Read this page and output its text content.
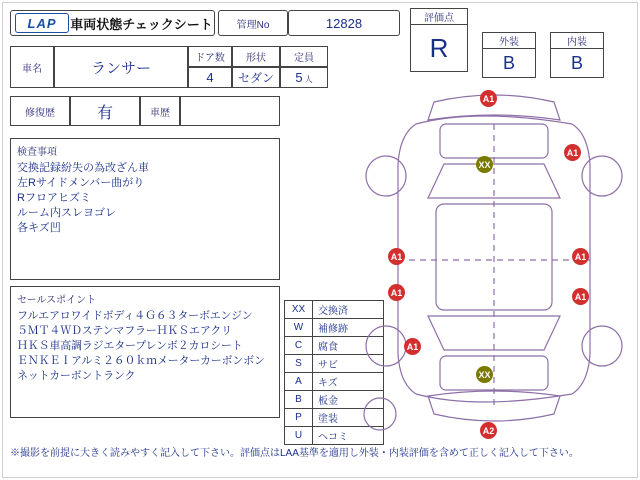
LAP	車両状態チェックシート 管理No	12828	評価点
R	外装
B
内装
B
車名	ランサー
ドア数
4
形状
セダン
定員
5 人
修復歴	有	車歴
検査事項
交換記録紛失の為改ざん車
左Rサイドメンバー曲がり
Rフロアヒズミ
ルーム内スレヨゴレ
各キズ凹
セールスポイント
フルエアロワイドボディ４Ｇ６３ターボエンジン
５ＭＴ４ＷＤステンマフラーＨＫＳエアクリ
ＨＫＳ車高調ラジエタープレンボ２カロシート
ＥＮＫＥＩアルミ２６０ｋｍメーターカーボンボン
ネットカーボントランク
XX	交換済
W	補修跡
C	腐食
S	サビ
A	キズ
B	板金
P	塗装
U	ヘコミ
A1
XX
A1
A1	A1
A1	A1
A1
XX
A2
※撮影を前提に大きく読みやすく記入して下さい。評価点はLAA基準を適用し外装・内装評価を含めて正しく記入して下さい。
